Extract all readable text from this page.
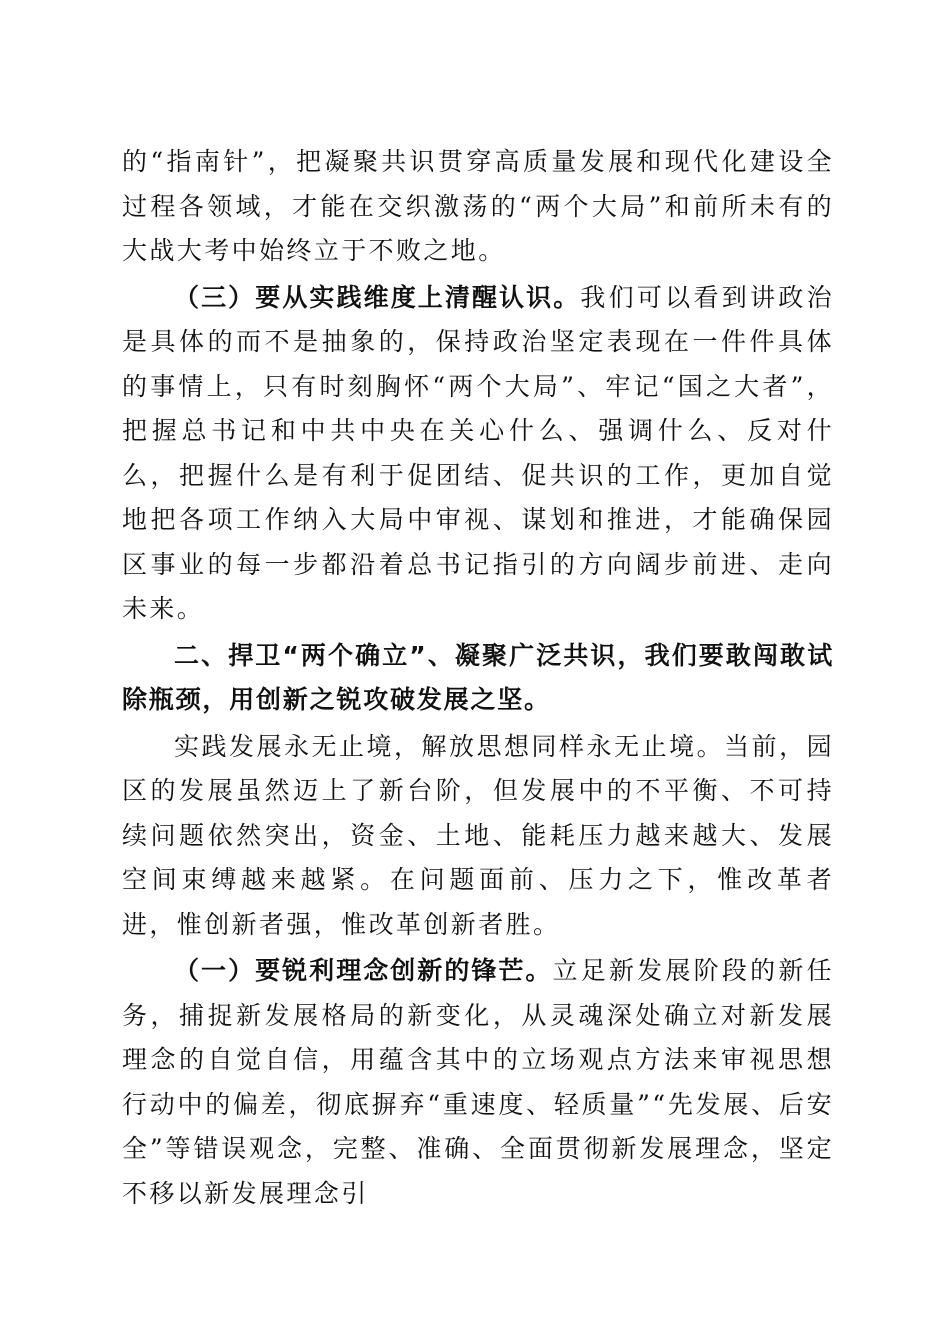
的“指南针”，把凝聚共识贯穿高质量发展和现代化建设全过程各领域，才能在交织激荡的“两个大局”和前所未有的大战大考中始终立于不败之地。

（三）要从实践维度上清醒认识。我们可以看到讲政治是具体的而不是抽象的，保持政治坚定表现在一件件具体的事情上，只有时刻胸怀“两个大局”、牢记“国之大者”，把握总书记和中共中央在关心什么、强调什么、反对什么，把握什么是有利于促团结、促共识的工作，更加自觉地把各项工作纳入大局中审视、谋划和推进，才能确保园区事业的每一步都沿着总书记指引的方向阔步前进、走向未来。

二、捍卫“两个确立”、凝聚广泛共识，我们要敢闯敢试除瓶颈，用创新之锐攻破发展之坚。

实践发展永无止境，解放思想同样永无止境。当前，园区的发展虽然迈上了新台阶，但发展中的不平衡、不可持续问题依然突出，资金、土地、能耗压力越来越大、发展空间束缚越来越紧。在问题面前、压力之下，惟改革者进，惟创新者强，惟改革创新者胜。

（一）要锐利理念创新的锋芒。立足新发展阶段的新任务，捕捉新发展格局的新变化，从灵魂深处确立对新发展理念的自觉自信，用蕴含其中的立场观点方法来审视思想行动中的偏差，彻底摒弃“重速度、轻质量”“先发展、后安全”等错误观念，完整、准确、全面贯彻新发展理念，坚定不移以新发展理念引
